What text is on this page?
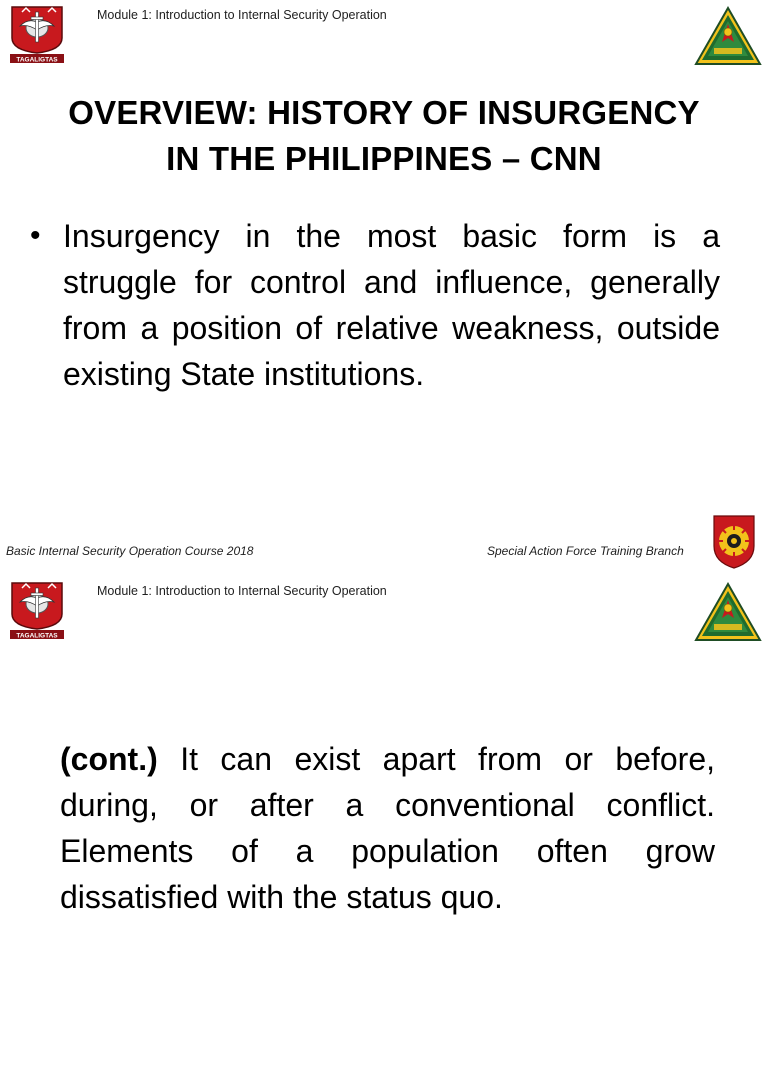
TAGALIGTAS
Module 1: Introduction to Internal Security Operation
OVERVIEW: HISTORY OF INSURGENCY
IN THE PHILIPPINES – CNN
• Insurgency in the most basic form is a struggle for control and influence, generally from a position of relative weakness, outside existing State institutions.

Basic Internal Security Operation Course 2018	Special Action Force Training Branch
TAGALIGTAS
Module 1: Introduction to Internal Security Operation

(cont.) It can exist apart from or before, during, or after a conventional conflict. Elements of a population often grow dissatisfied with the status quo.
